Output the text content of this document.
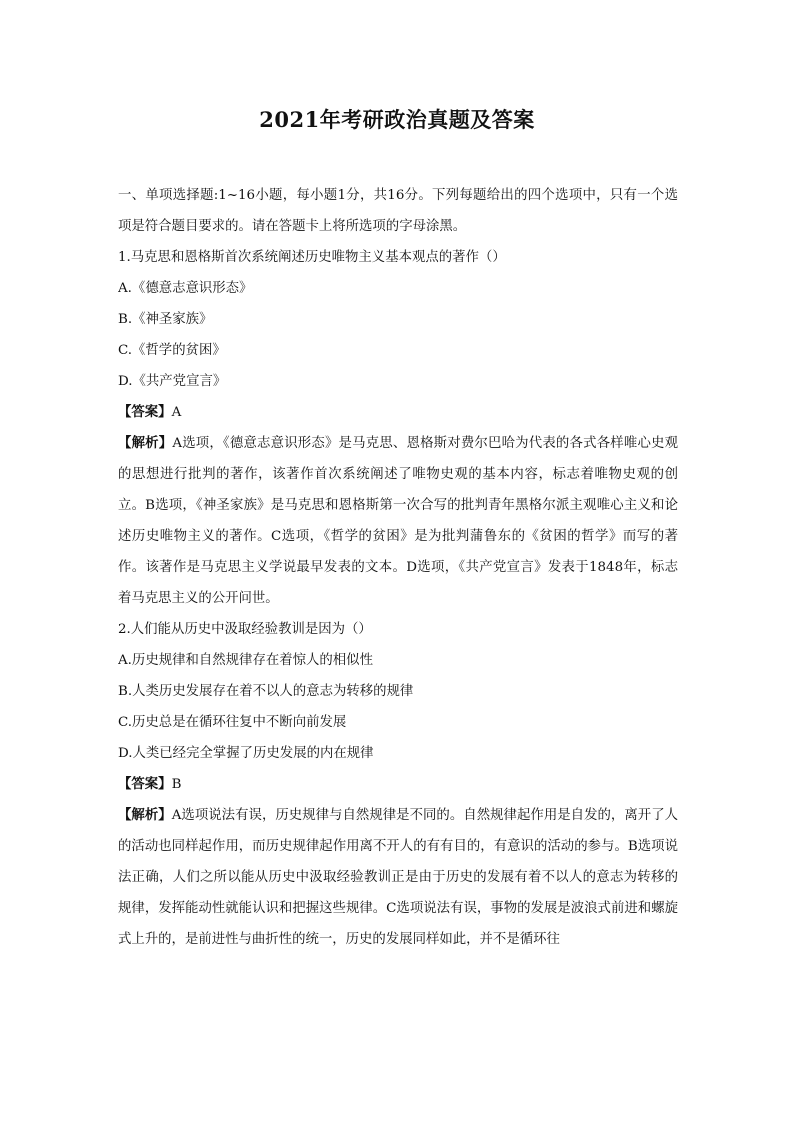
2021年考研政治真题及答案
一、单项选择题:1~16小题，每小题1分，共16分。下列每题给出的四个选项中，只有一个选项是符合题目要求的。请在答题卡上将所选项的字母涂黑。
1.马克思和恩格斯首次系统阐述历史唯物主义基本观点的著作（）
A.《德意志意识形态》
B.《神圣家族》
C.《哲学的贫困》
D.《共产党宣言》
【答案】A
【解析】A选项，《德意志意识形态》是马克思、恩格斯对费尔巴哈为代表的各式各样唯心史观的思想进行批判的著作，该著作首次系统阐述了唯物史观的基本内容，标志着唯物史观的创立。B选项，《神圣家族》是马克思和恩格斯第一次合写的批判青年黑格尔派主观唯心主义和论述历史唯物主义的著作。C选项，《哲学的贫困》是为批判蒲鲁东的《贫困的哲学》而写的著作。该著作是马克思主义学说最早发表的文本。D选项，《共产党宣言》发表于1848年，标志着马克思主义的公开问世。
2.人们能从历史中汲取经验教训是因为（）
A.历史规律和自然规律存在着惊人的相似性
B.人类历史发展存在着不以人的意志为转移的规律
C.历史总是在循环往复中不断向前发展
D.人类已经完全掌握了历史发展的内在规律
【答案】B
【解析】A选项说法有误，历史规律与自然规律是不同的。自然规律起作用是自发的，离开了人的活动也同样起作用，而历史规律起作用离不开人的有有目的，有意识的活动的参与。B选项说法正确，人们之所以能从历史中汲取经验教训正是由于历史的发展有着不以人的意志为转移的规律，发挥能动性就能认识和把握这些规律。C选项说法有误，事物的发展是波浪式前进和螺旋式上升的，是前进性与曲折性的统一，历史的发展同样如此，并不是循环往
